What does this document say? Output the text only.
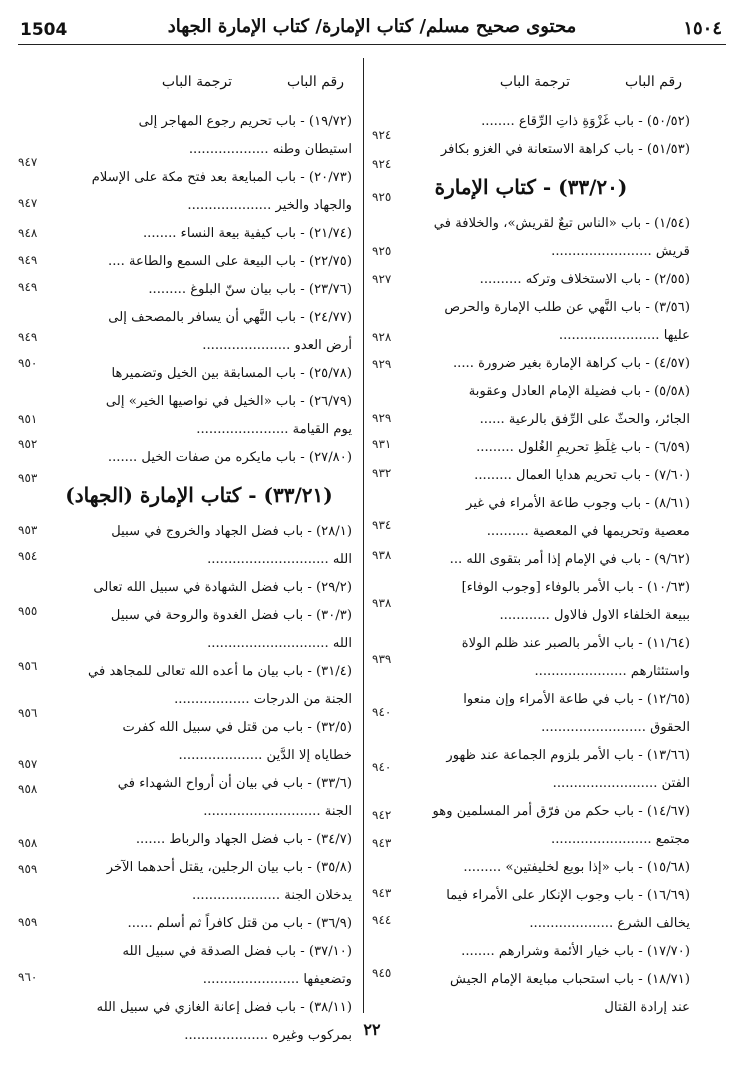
1504	محتوى صحيح مسلم/ كتاب الإمارة/ كتاب الإمارة الجهاد	١٥٠٤
رقم الباب
ترجمة الباب
(٥٠/٥٢) - باب غَزْوَةِ ذاتِ الرِّقاع ........
(٥١/٥٣) - باب كراهة الاستعانة في الغزو بكافر
(٣٣/٢٠) - كتاب الإمارة
(١/٥٤) - باب «الناس تبعٌ لقريش»، والخلافة في
قريش ........................
(٢/٥٥) - باب الاستخلاف وتركه ..........
(٣/٥٦) - باب النَّهي عن طلب الإمارة والحرص
عليها ........................
(٤/٥٧) - باب كراهة الإمارة بغير ضرورة .....
(٥/٥٨) - باب فضيلة الإمام العادل وعقوبة
الجائر، والحثّ على الرِّفق بالرعية ......
(٦/٥٩) - باب غِلَظِ تحريمِ الغُلول .........
(٧/٦٠) - باب تحريم هدايا العمال .........
(٨/٦١) - باب وجوب طاعة الأمراء في غير
معصية وتحريمها في المعصية ..........
(٩/٦٢) - باب في الإمام إذا أمر بتقوى الله ...
(١٠/٦٣) - باب الأمر بالوفاء [وجوب الوفاء]
ببيعة الخلفاء الاول فالاول ............
(١١/٦٤) - باب الأمر بالصبر عند ظلم الولاة
واستئثارهم ......................
(١٢/٦٥) - باب في طاعة الأمراء وإن منعوا
الحقوق .........................
(١٣/٦٦) - باب الأمر بلزوم الجماعة عند ظهور
الفتن .........................
(١٤/٦٧) - باب حكم من فرّق أمر المسلمين وهو
مجتمع ........................
(١٥/٦٨) - باب «إذا بويع لخليفتين» .........
(١٦/٦٩) - باب وجوب الإنكار على الأمراء فيما
يخالف الشرع ....................
(١٧/٧٠) - باب خيار الأئمة وشرارهم ........
(١٨/٧١) - باب استحباب مبايعة الإمام الجيش
عند إرادة القتال
٩٢٤
٩٢٤
٩٢٥
٩٢٥
٩٢٧
٩٢٨
٩٢٩
٩٢٩
٩٣١
٩٣٢
٩٣٤
٩٣٨
٩٣٨
٩٣٩
٩٤٠
٩٤٠
٩٤٢
٩٤٣
٩٤٣
٩٤٤
٩٤٥
رقم الباب
ترجمة الباب
(١٩/٧٢) - باب تحريم رجوع المهاجر إلى
استيطان وطنه ...................
(٢٠/٧٣) - باب المبايعة بعد فتح مكة على الإسلام
والجهاد والخير ....................
(٢١/٧٤) - باب كيفية بيعة النساء ........
(٢٢/٧٥) - باب البيعة على السمع والطاعة ....
(٢٣/٧٦) - باب بيان سنّ البلوغ .........
(٢٤/٧٧) - باب النَّهي أن يسافر بالمصحف إلى
أرض العدو .....................
(٢٥/٧٨) - باب المسابقة بين الخيل وتضميرها
(٢٦/٧٩) - باب «الخيل في نواصيها الخير» إلى
يوم القيامة ......................
(٢٧/٨٠) - باب مايكره من صفات الخيل .......
(٣٣/٢١) - كتاب الإمارة (الجهاد)
(٢٨/١) - باب فضل الجهاد والخروج في سبيل
الله .............................
(٢٩/٢) - باب فضل الشهادة في سبيل الله تعالى
(٣٠/٣) - باب فضل الغدوة والروحة في سبيل
الله .............................
(٣١/٤) - باب بيان ما أعده الله تعالى للمجاهد في
الجنة من الدرجات ..................
(٣٢/٥) - باب من قتل في سبيل الله كفرت
خطاياه إلا الدَّين ....................
(٣٣/٦) - باب في بيان أن أرواح الشهداء في
الجنة ............................
(٣٤/٧) - باب فضل الجهاد والرباط .......
(٣٥/٨) - باب بيان الرجلين، يقتل أحدهما الآخر
يدخلان الجنة .....................
(٣٦/٩) - باب من قتل كافراً ثم أسلم ......
(٣٧/١٠) - باب فضل الصدقة في سبيل الله
وتضعيفها .......................
(٣٨/١١) - باب فضل إعانة الغازي في سبيل الله
بمركوب وغيره ....................
٩٤٧
٩٤٧
٩٤٨
٩٤٩
٩٤٩
٩٤٩
٩٥٠
٩٥١
٩٥٢
٩٥٣
٩٥٣
٩٥٤
٩٥٥
٩٥٦
٩٥٦
٩٥٧
٩٥٨
٩٥٨
٩٥٩
٩٥٩
٩٦٠
٢٢
